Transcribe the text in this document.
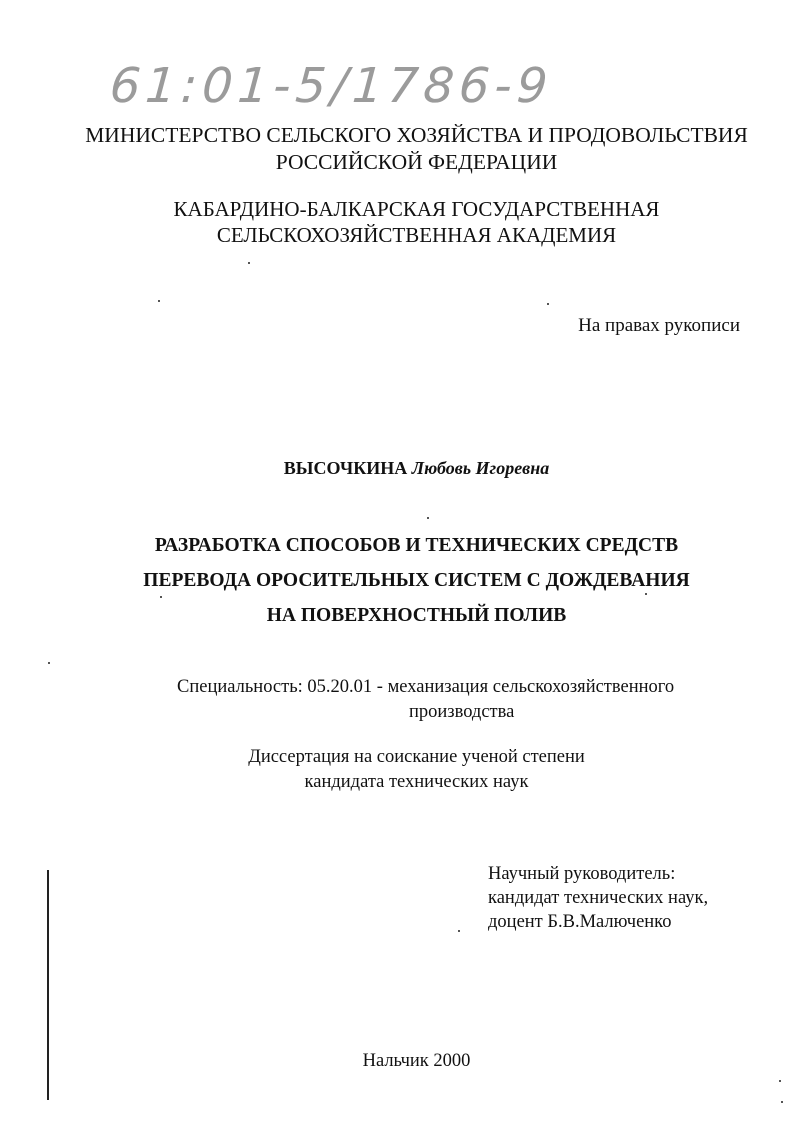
61:01-5/1786-9
МИНИСТЕРСТВО СЕЛЬСКОГО ХОЗЯЙСТВА И ПРОДОВОЛЬСТВИЯ
РОССИЙСКОЙ ФЕДЕРАЦИИ
КАБАРДИНО-БАЛКАРСКАЯ ГОСУДАРСТВЕННАЯ
СЕЛЬСКОХОЗЯЙСТВЕННАЯ АКАДЕМИЯ
На правах рукописи
ВЫСОЧКИНА Любовь Игоревна
РАЗРАБОТКА СПОСОБОВ И ТЕХНИЧЕСКИХ СРЕДСТВ
ПЕРЕВОДА ОРОСИТЕЛЬНЫХ СИСТЕМ С ДОЖДЕВАНИЯ
НА ПОВЕРХНОСТНЫЙ ПОЛИВ
Специальность: 05.20.01 - механизация сельскохозяйственного
производства
Диссертация на соискание ученой степени
кандидата технических наук
Научный руководитель:
кандидат технических наук,
доцент Б.В.Малюченко
Нальчик 2000
